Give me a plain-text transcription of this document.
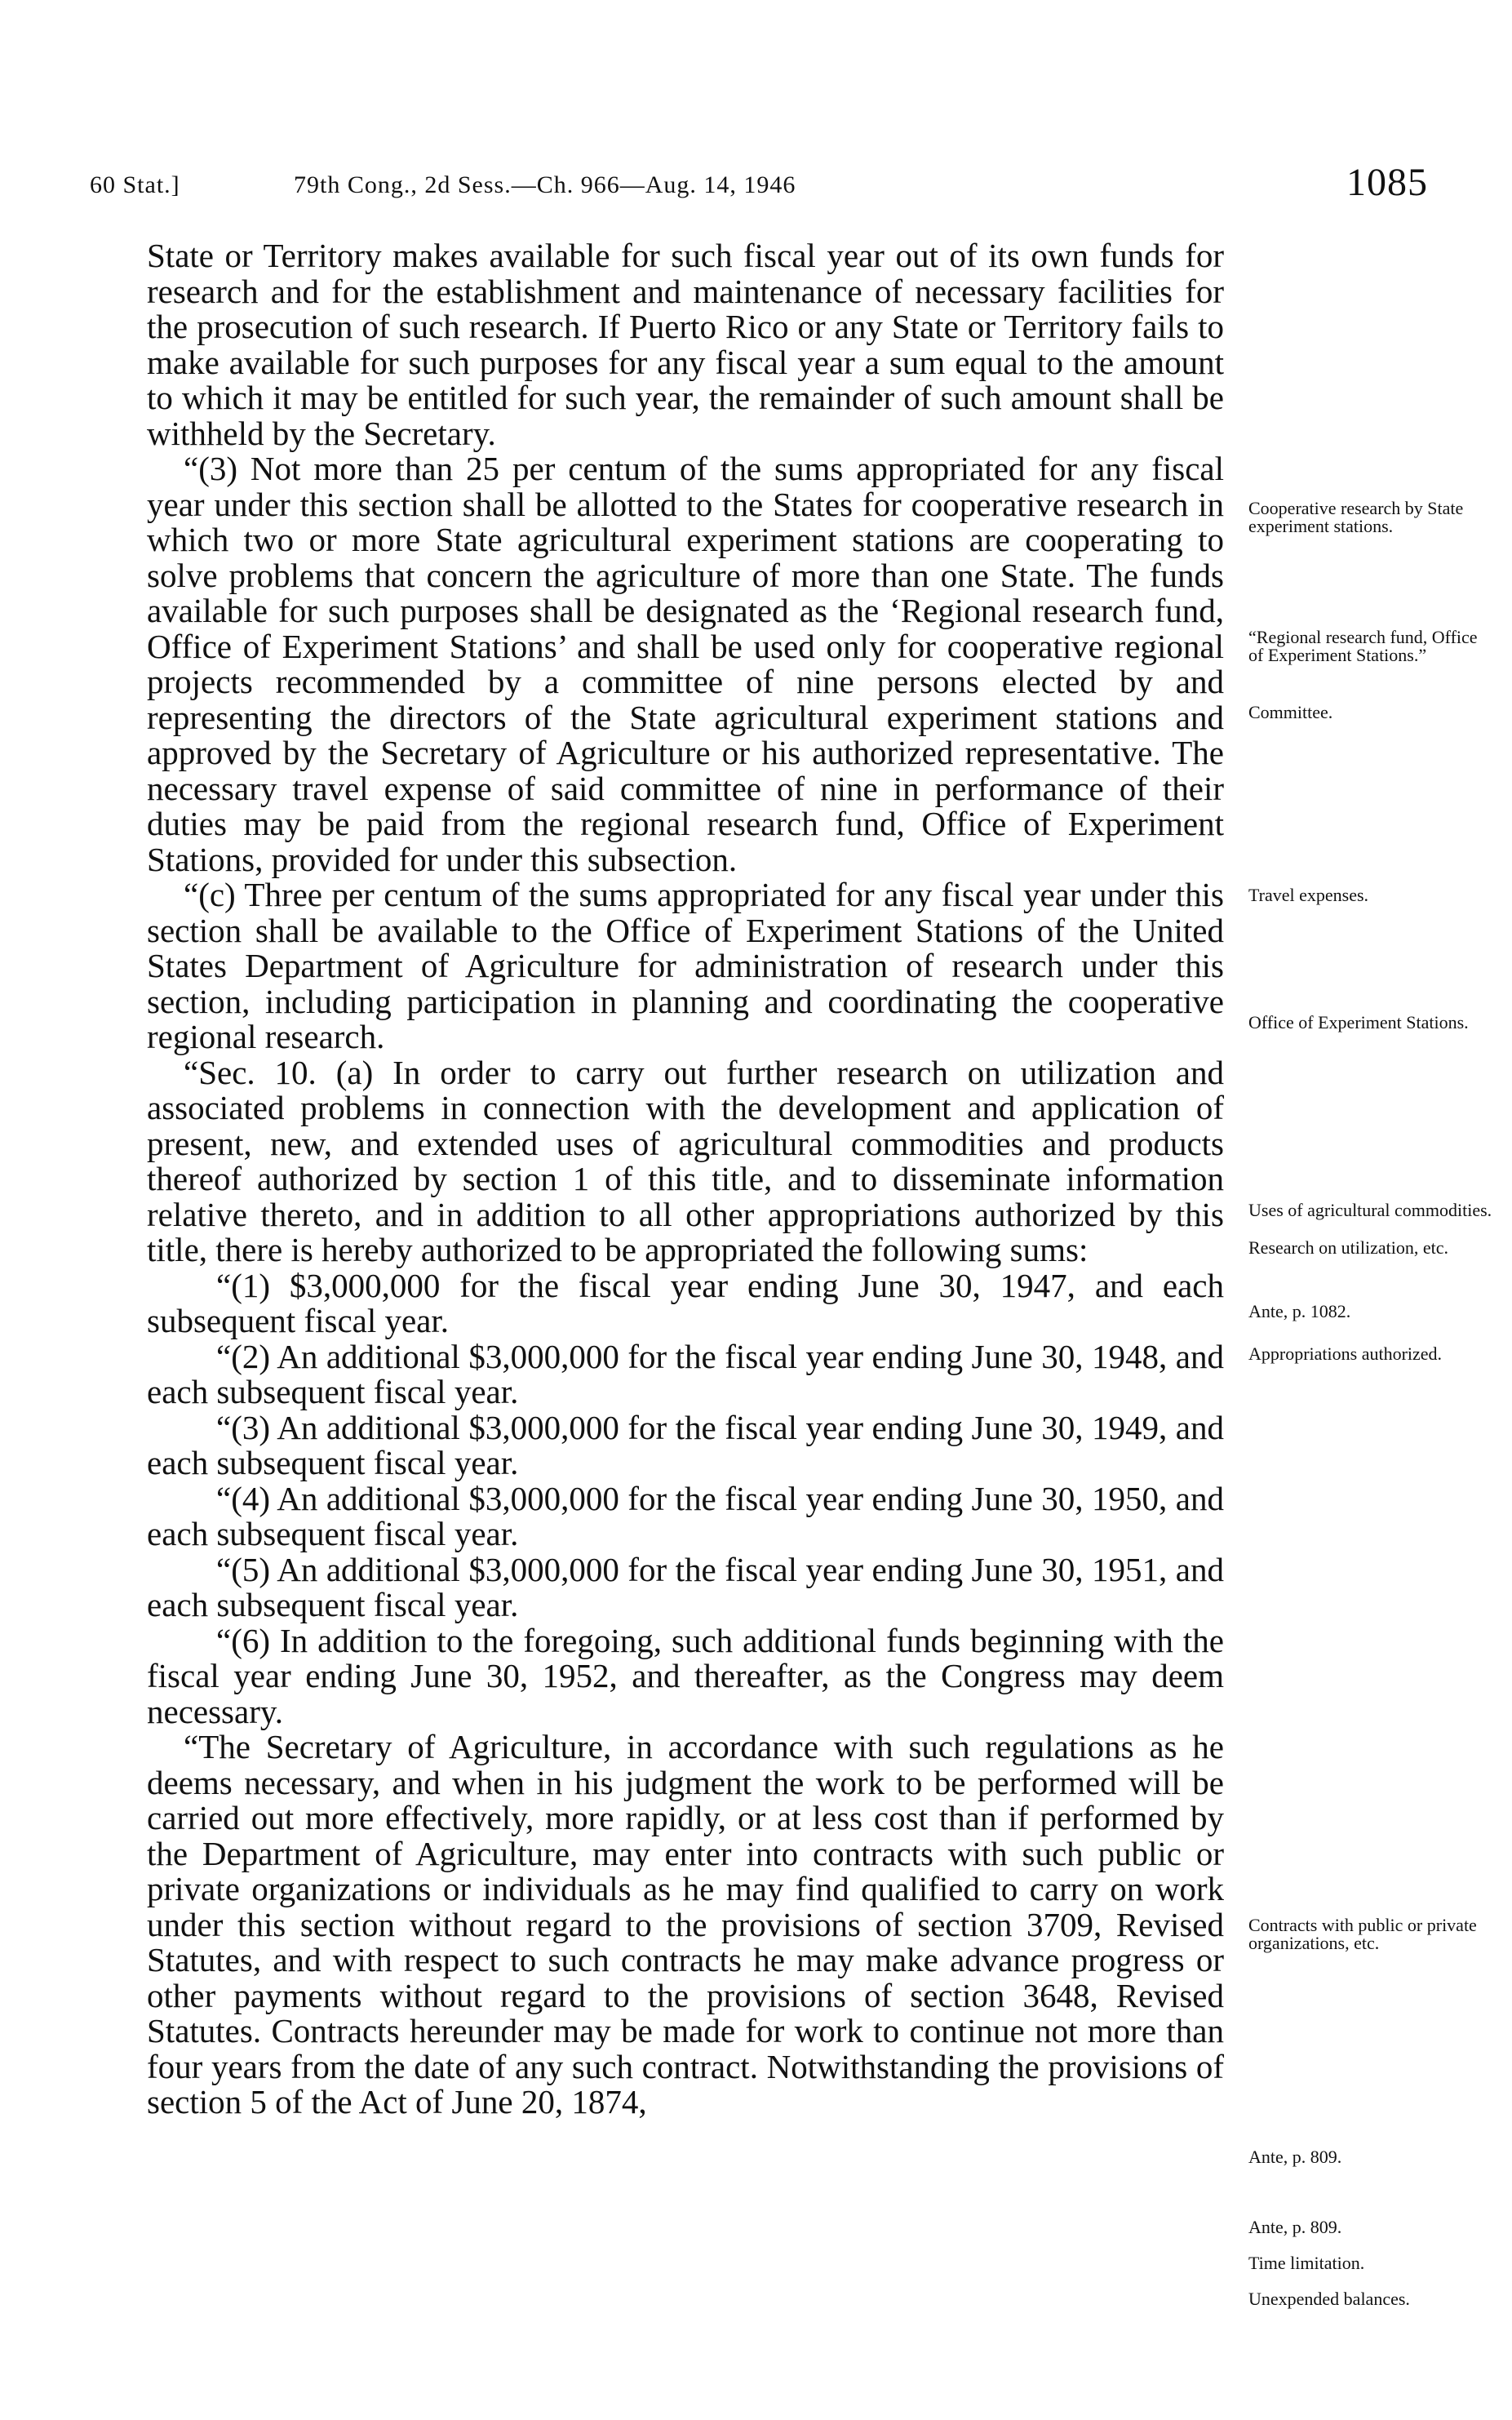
60 Stat.]	79th Cong., 2d Sess.—Ch. 966—Aug. 14, 1946	1085

State or Territory makes available for such fiscal year out of its own funds for research and for the establishment and maintenance of necessary facilities for the prosecution of such research. If Puerto Rico or any State or Territory fails to make available for such purposes for any fiscal year a sum equal to the amount to which it may be entitled for such year, the remainder of such amount shall be withheld by the Secretary.

“(3) Not more than 25 per centum of the sums appropriated for any fiscal year under this section shall be allotted to the States for cooperative research in which two or more State agricultural experiment stations are cooperating to solve problems that concern the agriculture of more than one State. The funds available for such purposes shall be designated as the ‘Regional research fund, Office of Experiment Stations’ and shall be used only for cooperative regional projects recommended by a committee of nine persons elected by and representing the directors of the State agricultural experiment stations and approved by the Secretary of Agriculture or his authorized representative. The necessary travel expense of said committee of nine in performance of their duties may be paid from the regional research fund, Office of Experiment Stations, provided for under this subsection.

“(c) Three per centum of the sums appropriated for any fiscal year under this section shall be available to the Office of Experiment Stations of the United States Department of Agriculture for administration of research under this section, including participation in planning and coordinating the cooperative regional research.

“Sec. 10. (a) In order to carry out further research on utilization and associated problems in connection with the development and application of present, new, and extended uses of agricultural commodities and products thereof authorized by section 1 of this title, and to disseminate information relative thereto, and in addition to all other appropriations authorized by this title, there is hereby authorized to be appropriated the following sums:

“(1) $3,000,000 for the fiscal year ending June 30, 1947, and each subsequent fiscal year.

“(2) An additional $3,000,000 for the fiscal year ending June 30, 1948, and each subsequent fiscal year.

“(3) An additional $3,000,000 for the fiscal year ending June 30, 1949, and each subsequent fiscal year.

“(4) An additional $3,000,000 for the fiscal year ending June 30, 1950, and each subsequent fiscal year.

“(5) An additional $3,000,000 for the fiscal year ending June 30, 1951, and each subsequent fiscal year.

“(6) In addition to the foregoing, such additional funds beginning with the fiscal year ending June 30, 1952, and thereafter, as the Congress may deem necessary.

“The Secretary of Agriculture, in accordance with such regulations as he deems necessary, and when in his judgment the work to be performed will be carried out more effectively, more rapidly, or at less cost than if performed by the Department of Agriculture, may enter into contracts with such public or private organizations or individuals as he may find qualified to carry on work under this section without regard to the provisions of section 3709, Revised Statutes, and with respect to such contracts he may make advance progress or other payments without regard to the provisions of section 3648, Revised Statutes. Contracts hereunder may be made for work to continue not more than four years from the date of any such contract. Notwithstanding the provisions of section 5 of the Act of June 20, 1874,

Cooperative research by State experiment stations.
“Regional research fund, Office of Experiment Stations.”
Committee.
Travel expenses.
Office of Experiment Stations.
Uses of agricultural commodities.
Research on utilization, etc.
Ante, p. 1082.
Appropriations authorized.
Contracts with public or private organizations, etc.
Ante, p. 809.
Ante, p. 809.
Time limitation.
Unexpended balances.
